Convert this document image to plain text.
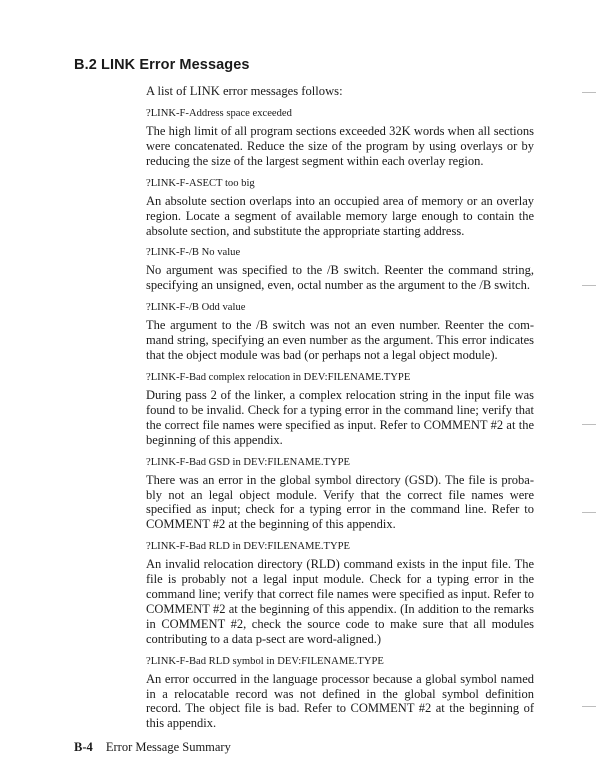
B.2 LINK Error Messages

A list of LINK error messages follows:

?LINK-F-Address space exceeded

The high limit of all program sections exceeded 32K words when all sections were concatenated. Reduce the size of the program by using overlays or by reducing the size of the largest segment within each overlay region.

?LINK-F-ASECT too big

An absolute section overlaps into an occupied area of memory or an overlay region. Locate a segment of available memory large enough to contain the absolute section, and substitute the appropriate starting address.

?LINK-F-/B No value

No argument was specified to the /B switch. Reenter the command string, specifying an unsigned, even, octal number as the argument to the /B switch.

?LINK-F-/B Odd value

The argument to the /B switch was not an even number. Reenter the command string, specifying an even number as the argument. This error indicates that the object module was bad (or perhaps not a legal object module).

?LINK-F-Bad complex relocation in DEV:FILENAME.TYPE

During pass 2 of the linker, a complex relocation string in the input file was found to be invalid. Check for a typing error in the command line; verify that the correct file names were specified as input. Refer to COMMENT #2 at the beginning of this appendix.

?LINK-F-Bad GSD in DEV:FILENAME.TYPE

There was an error in the global symbol directory (GSD). The file is probably not an legal object module. Verify that the correct file names were specified as input; check for a typing error in the command line. Refer to COMMENT #2 at the beginning of this appendix.

?LINK-F-Bad RLD in DEV:FILENAME.TYPE

An invalid relocation directory (RLD) command exists in the input file. The file is probably not a legal input module. Check for a typing error in the command line; verify that correct file names were specified as input. Refer to COMMENT #2 at the beginning of this appendix. (In addition to the remarks in COMMENT #2, check the source code to make sure that all modules contributing to a data p-sect are word-aligned.)

?LINK-F-Bad RLD symbol in DEV:FILENAME.TYPE

An error occurred in the language processor because a global symbol named in a relocatable record was not defined in the global symbol definition record. The object file is bad. Refer to COMMENT #2 at the beginning of this appendix.

B-4 Error Message Summary
